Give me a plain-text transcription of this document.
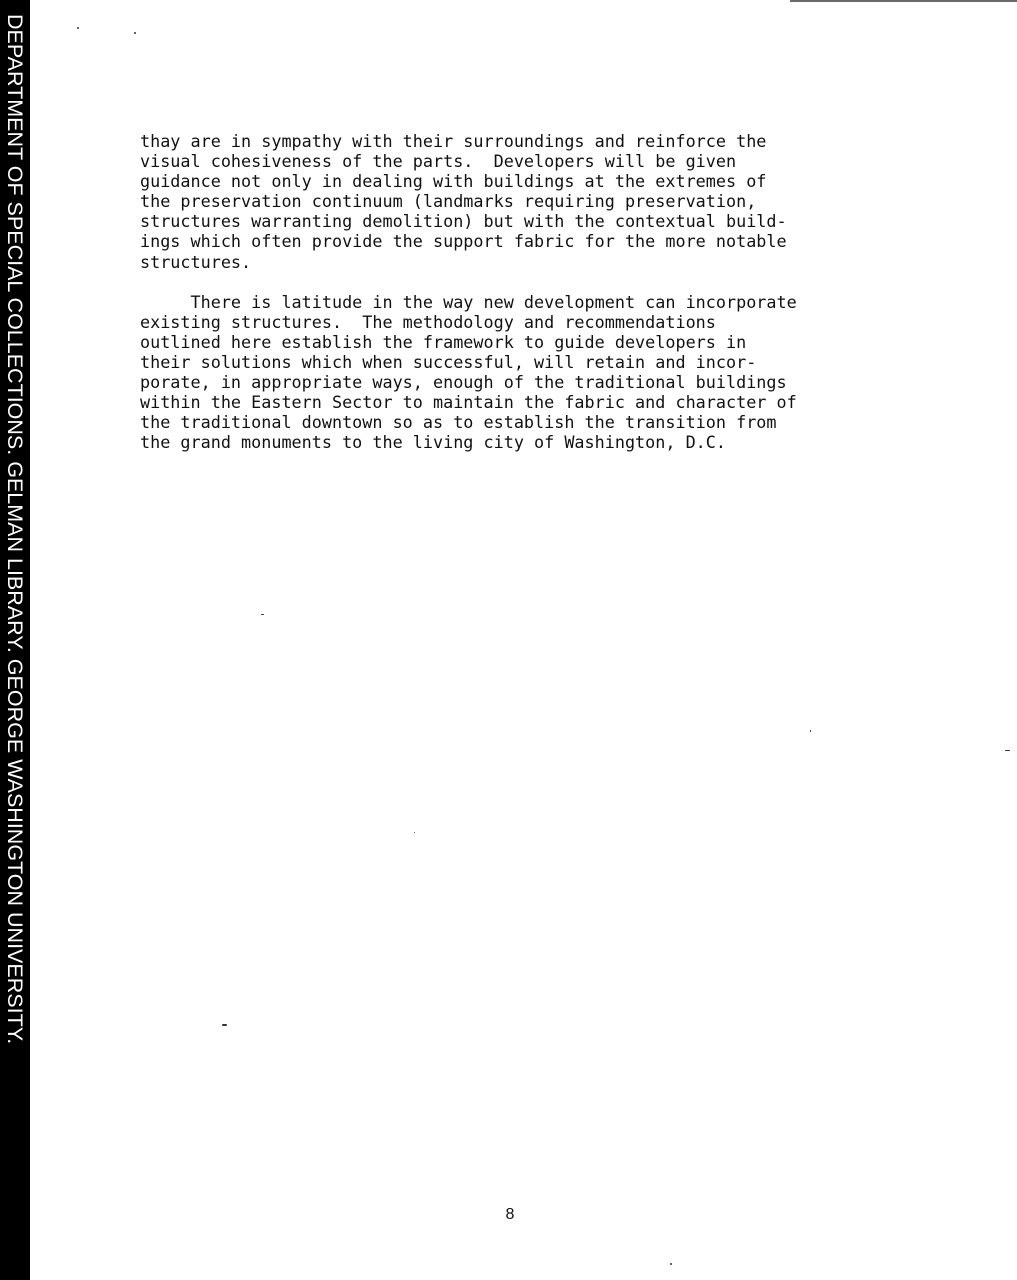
DEPARTMENT OF SPECIAL COLLECTIONS. GELMAN LIBRARY. GEORGE WASHINGTON UNIVERSITY.	thay are in sympathy with their surroundings and reinforce the

visual cohesiveness of the parts.  Developers will be given

guidance not only in dealing with buildings at the extremes of

the preservation continuum (landmarks requiring preservation,

structures warranting demolition) but with the contextual build-

ings which often provide the support fabric for the more notable

structures.

There is latitude in the way new development can incorporate

existing structures.  The methodology and recommendations

outlined here establish the framework to guide developers in

their solutions which when successful, will retain and incor-

porate, in appropriate ways, enough of the traditional buildings

within the Eastern Sector to maintain the fabric and character of

the traditional downtown so as to establish the transition from

the grand monuments to the living city of Washington, D.C.

8
